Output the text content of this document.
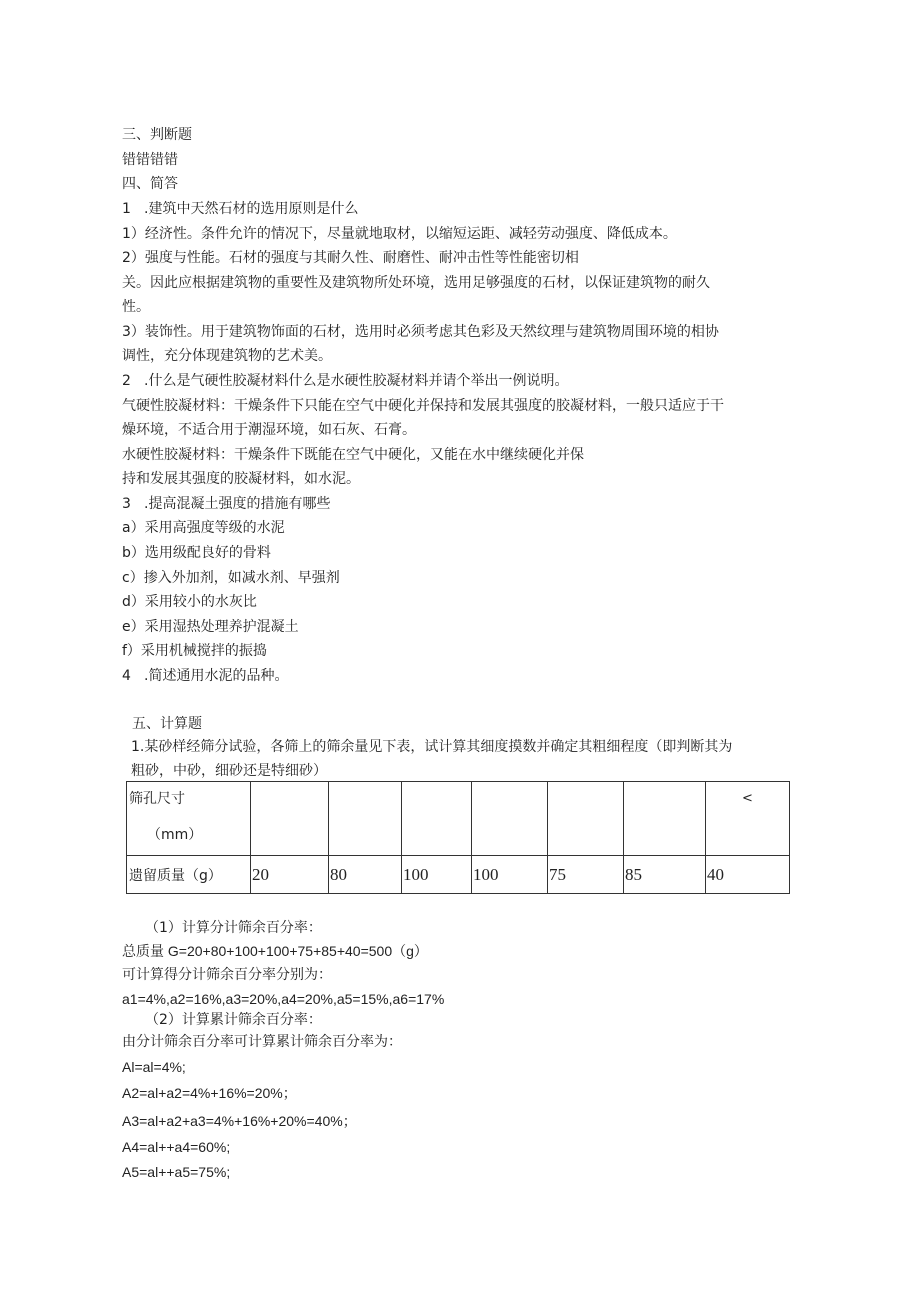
三、判断题
错错错错
四、简答
1 .建筑中天然石材的选用原则是什么
1）经济性。条件允许的情况下，尽量就地取材，以缩短运距、减轻劳动强度、降低成本。
2）强度与性能。石材的强度与其耐久性、耐磨性、耐冲击性等性能密切相
关。因此应根据建筑物的重要性及建筑物所处环境，选用足够强度的石材，以保证建筑物的耐久
性。
3）装饰性。用于建筑物饰面的石材，选用时必须考虑其色彩及天然纹理与建筑物周围环境的相协
调性，充分体现建筑物的艺术美。
2 .什么是气硬性胶凝材料什么是水硬性胶凝材料并请个举出一例说明。
气硬性胶凝材料：干燥条件下只能在空气中硬化并保持和发展其强度的胶凝材料，一般只适应于干
燥环境，不适合用于潮湿环境，如石灰、石膏。
水硬性胶凝材料：干燥条件下既能在空气中硬化，又能在水中继续硬化并保
持和发展其强度的胶凝材料，如水泥。
3 .提高混凝土强度的措施有哪些
a）采用高强度等级的水泥
b）选用级配良好的骨料
c）掺入外加剂，如减水剂、早强剂
d）采用较小的水灰比
e）采用湿热处理养护混凝土
f）采用机械搅拌的振捣
4 .简述通用水泥的品种。
五、计算题
1.某砂样经筛分试验，各筛上的筛余量见下表，试计算其细度摸数并确定其粗细程度（即判断其为
粗砂，中砂，细砂还是特细砂）
筛孔尺寸
（mm）							<

遗留质量（g）	20	80	100	100	75	85	40
（1）计算分计筛余百分率：
总质量 G=20+80+100+100+75+85+40=500（g）
可计算得分计筛余百分率分别为：
a1=4%,a2=16%,a3=20%,a4=20%,a5=15%,a6=17%
（2）计算累计筛余百分率：
由分计筛余百分率可计算累计筛余百分率为：
Al=al=4%;
A2=al+a2=4%+16%=20%；
A3=al+a2+a3=4%+16%+20%=40%；
A4=al++a4=60%;
A5=al++a5=75%;
